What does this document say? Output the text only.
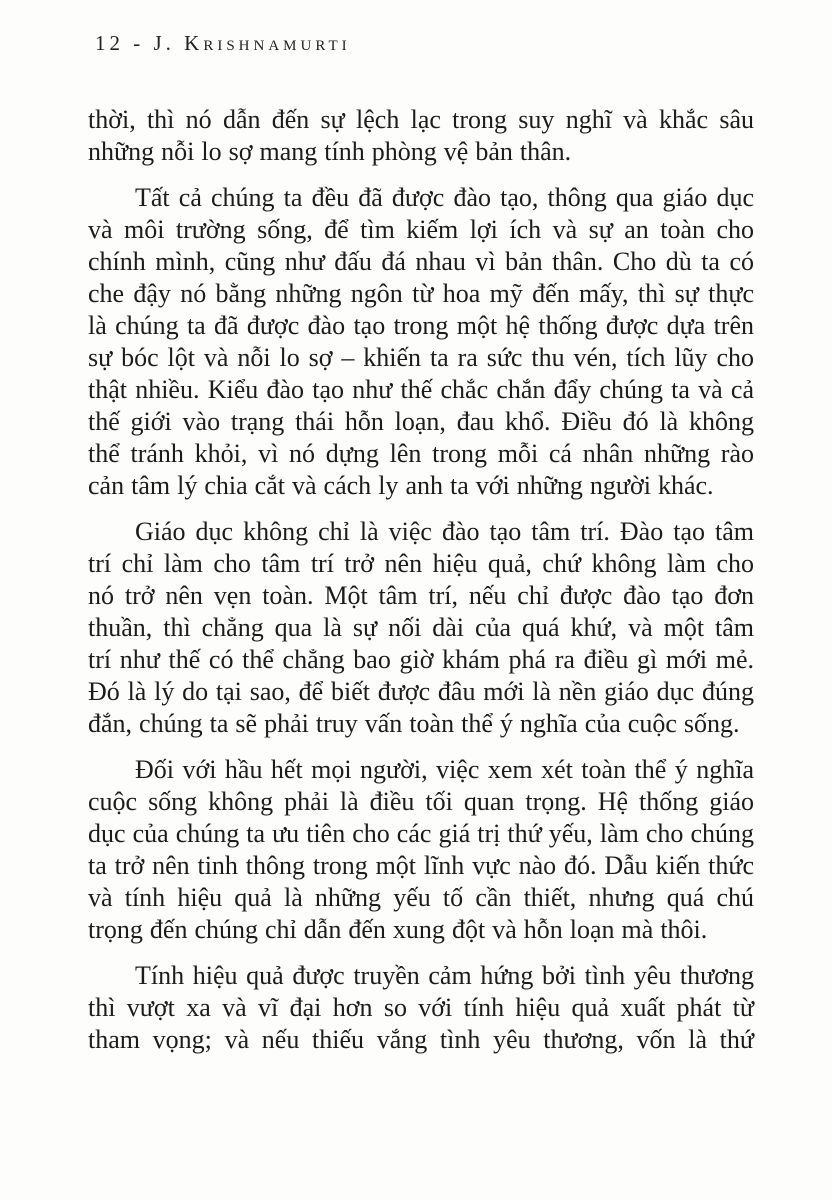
12 - J. Krishnamurti
thời, thì nó dẫn đến sự lệch lạc trong suy nghĩ và khắc sâu
những nỗi lo sợ mang tính phòng vệ bản thân.
Tất cả chúng ta đều đã được đào tạo, thông qua giáo dục
và môi trường sống, để tìm kiếm lợi ích và sự an toàn cho
chính mình, cũng như đấu đá nhau vì bản thân. Cho dù ta có
che đậy nó bằng những ngôn từ hoa mỹ đến mấy, thì sự thực
là chúng ta đã được đào tạo trong một hệ thống được dựa trên
sự bóc lột và nỗi lo sợ – khiến ta ra sức thu vén, tích lũy cho
thật nhiều. Kiểu đào tạo như thế chắc chắn đẩy chúng ta và cả
thế giới vào trạng thái hỗn loạn, đau khổ. Điều đó là không
thể tránh khỏi, vì nó dựng lên trong mỗi cá nhân những rào
cản tâm lý chia cắt và cách ly anh ta với những người khác.
Giáo dục không chỉ là việc đào tạo tâm trí. Đào tạo tâm
trí chỉ làm cho tâm trí trở nên hiệu quả, chứ không làm cho
nó trở nên vẹn toàn. Một tâm trí, nếu chỉ được đào tạo đơn
thuần, thì chẳng qua là sự nối dài của quá khứ, và một tâm
trí như thế có thể chẳng bao giờ khám phá ra điều gì mới mẻ.
Đó là lý do tại sao, để biết được đâu mới là nền giáo dục đúng
đắn, chúng ta sẽ phải truy vấn toàn thể ý nghĩa của cuộc sống.
Đối với hầu hết mọi người, việc xem xét toàn thể ý nghĩa
cuộc sống không phải là điều tối quan trọng. Hệ thống giáo
dục của chúng ta ưu tiên cho các giá trị thứ yếu, làm cho chúng
ta trở nên tinh thông trong một lĩnh vực nào đó. Dẫu kiến thức
và tính hiệu quả là những yếu tố cần thiết, nhưng quá chú
trọng đến chúng chỉ dẫn đến xung đột và hỗn loạn mà thôi.
Tính hiệu quả được truyền cảm hứng bởi tình yêu thương
thì vượt xa và vĩ đại hơn so với tính hiệu quả xuất phát từ
tham vọng; và nếu thiếu vắng tình yêu thương, vốn là thứ
